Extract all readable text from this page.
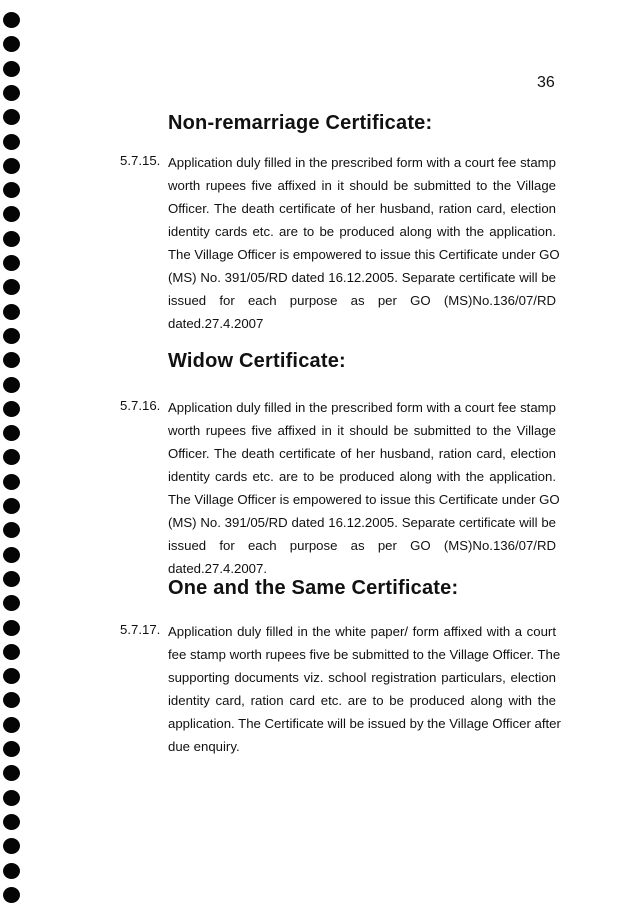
36
Non-remarriage Certificate:
5.7.15. Application duly filled in the prescribed form with a court fee stamp
worth rupees five affixed in it should be submitted to the Village
Officer. The death certificate of her husband, ration card, election
identity cards etc. are to be produced along with the application.
The Village Officer is empowered to issue this Certificate under GO
(MS) No. 391/05/RD dated 16.12.2005. Separate certificate will be
issued for each purpose as per GO (MS)No.136/07/RD
dated.27.4.2007
Widow Certificate:
5.7.16. Application duly filled in the prescribed form with a court fee stamp
worth rupees five affixed in it should be submitted to the Village
Officer. The death certificate of her husband, ration card, election
identity cards etc. are to be produced along with the application.
The Village Officer is empowered to issue this Certificate under GO
(MS) No. 391/05/RD dated 16.12.2005. Separate certificate will be
issued for each purpose as per GO (MS)No.136/07/RD
dated.27.4.2007.
One and the Same Certificate:
5.7.17. Application duly filled in the white paper/ form affixed with a court
fee stamp worth rupees five be submitted to the Village Officer. The
supporting documents viz. school registration particulars, election
identity card, ration card etc. are to be produced along with the
application. The Certificate will be issued by the Village Officer after
due enquiry.
